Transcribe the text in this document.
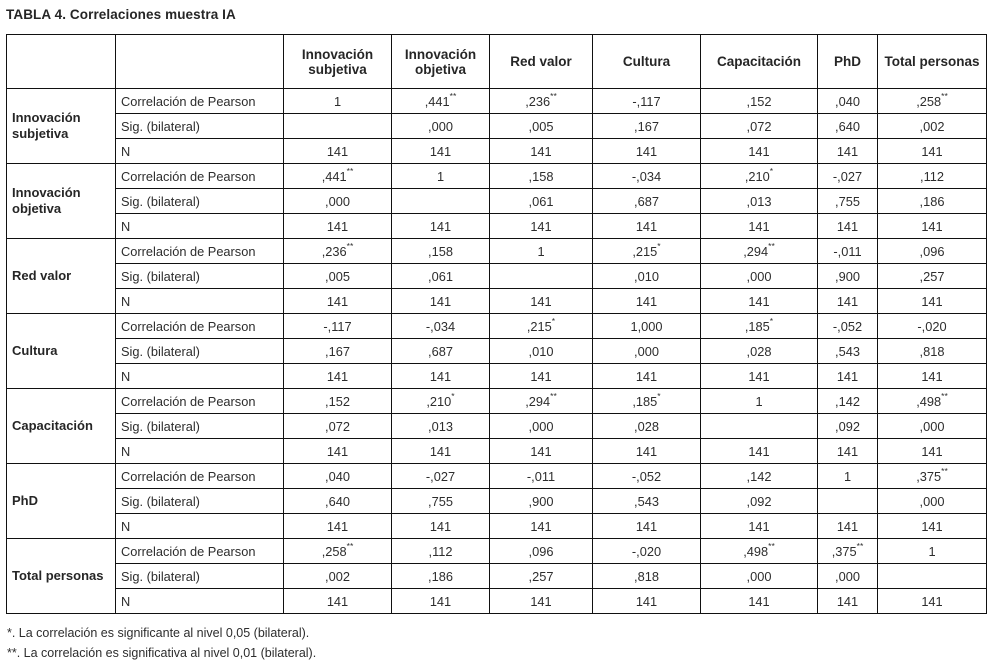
TABLA 4. Correlaciones muestra IA
		Innovación subjetiva	Innovación objetiva	Red valor	Cultura	Capacitación	PhD	Total personas
Innovación subjetiva	Correlación de Pearson	1	,441**	,236**	-,117	,152	,040	,258**
	Sig. (bilateral)		,000	,005	,167	,072	,640	,002
	N	141	141	141	141	141	141	141
Innovación objetiva	Correlación de Pearson	,441**	1	,158	-,034	,210*	-,027	,112
	Sig. (bilateral)	,000		,061	,687	,013	,755	,186
	N	141	141	141	141	141	141	141
Red valor	Correlación de Pearson	,236**	,158	1	,215*	,294**	-,011	,096
	Sig. (bilateral)	,005	,061		,010	,000	,900	,257
	N	141	141	141	141	141	141	141
Cultura	Correlación de Pearson	-,117	-,034	,215*	1,000	,185*	-,052	-,020
	Sig. (bilateral)	,167	,687	,010	,000	,028	,543	,818
	N	141	141	141	141	141	141	141
Capacitación	Correlación de Pearson	,152	,210*	,294**	,185*	1	,142	,498**
	Sig. (bilateral)	,072	,013	,000	,028		,092	,000
	N	141	141	141	141	141	141	141
PhD	Correlación de Pearson	,040	-,027	-,011	-,052	,142	1	,375**
	Sig. (bilateral)	,640	,755	,900	,543	,092		,000
	N	141	141	141	141	141	141	141
Total personas	Correlación de Pearson	,258**	,112	,096	-,020	,498**	,375**	1
	Sig. (bilateral)	,002	,186	,257	,818	,000	,000	
	N	141	141	141	141	141	141	141
*. La correlación es significante al nivel 0,05 (bilateral).
**. La correlación es significativa al nivel 0,01 (bilateral).
